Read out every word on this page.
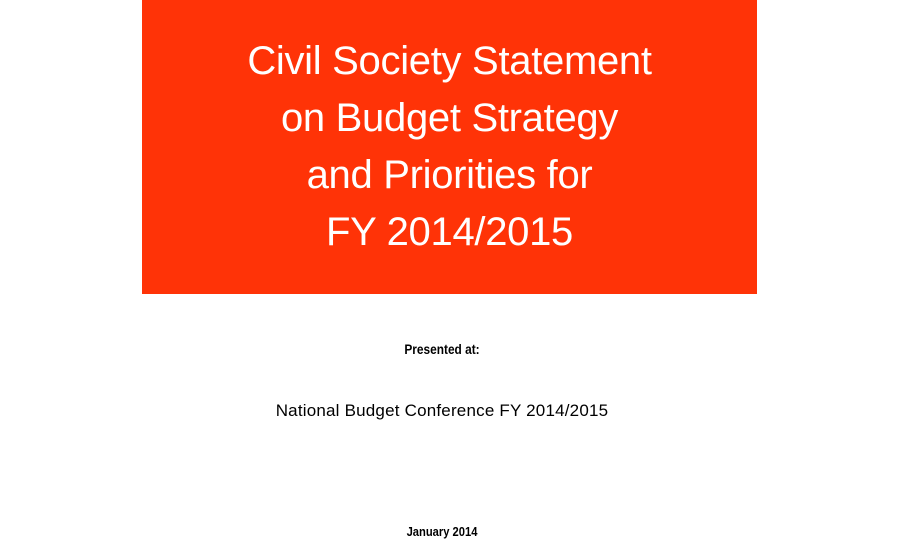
Civil Society Statement
on Budget Strategy
and Priorities for
FY 2014/2015
Presented at:
National Budget Conference FY 2014/2015
January 2014
